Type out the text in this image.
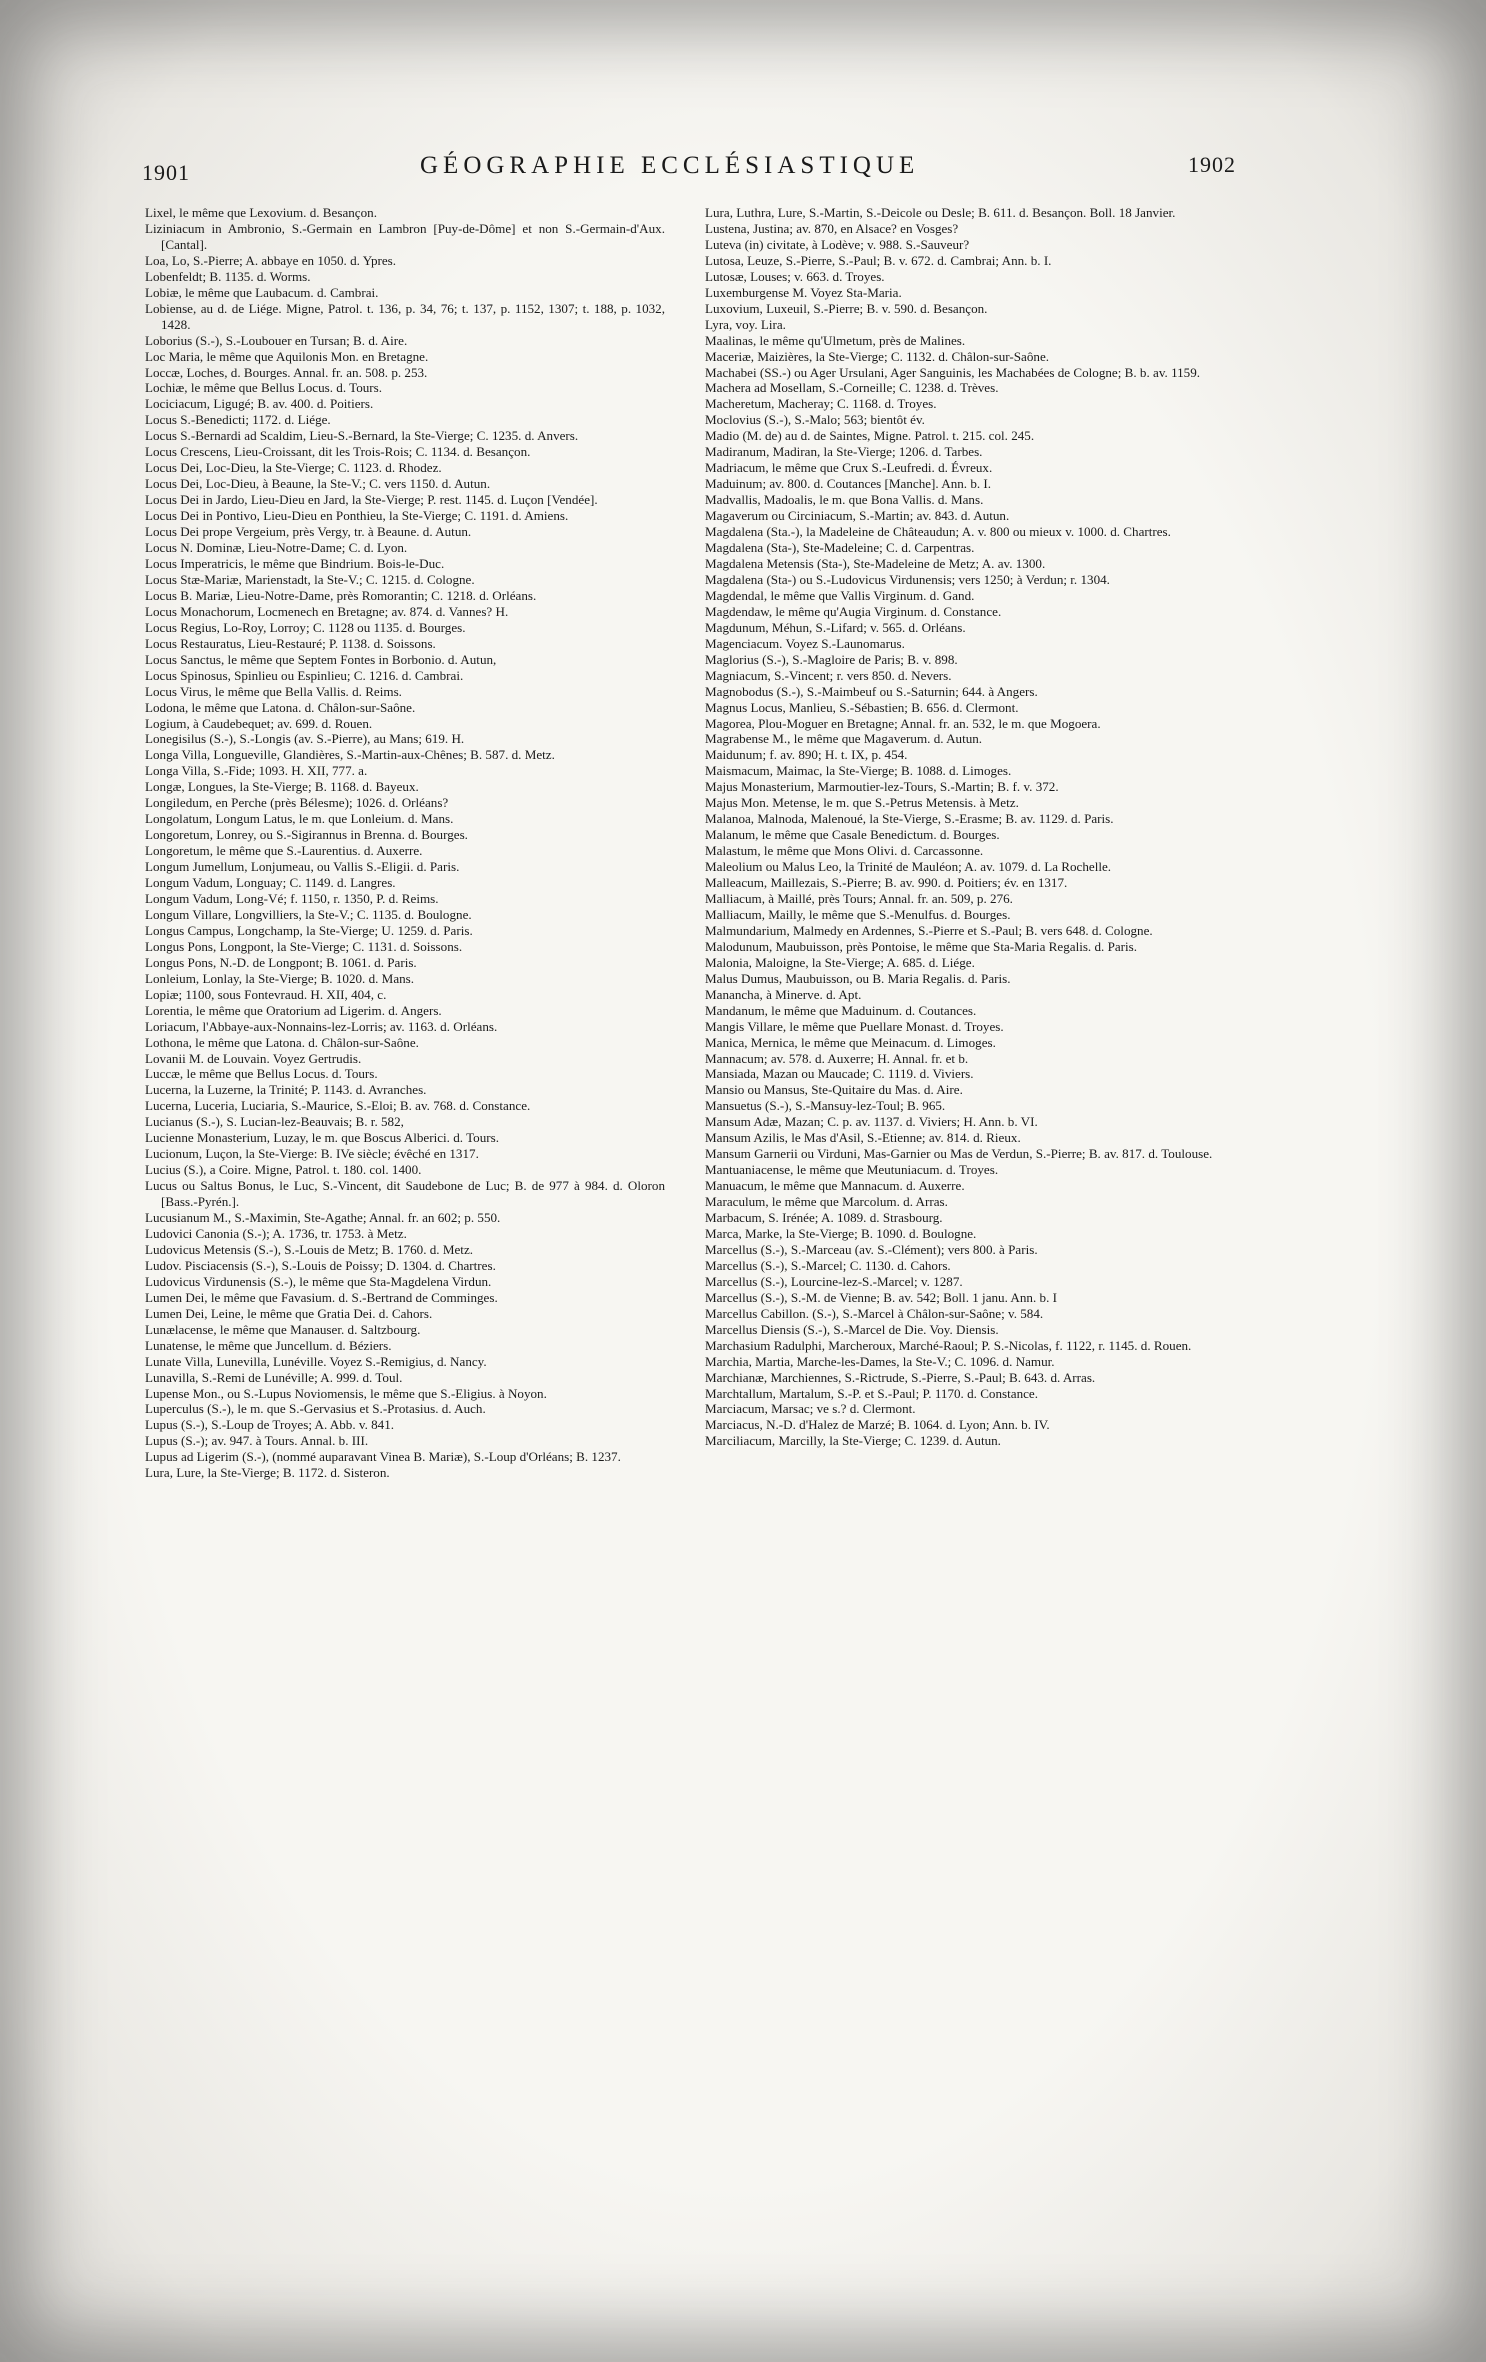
1901	GÉOGRAPHIE ECCLÉSIASTIQUE	1902

Lixel, le même que Lexovium. d. Besançon.

Liziniacum in Ambronio, S.-Germain en Lambron [Puy-de-Dôme] et non S.-Germain-d'Aux. [Cantal].

Loa, Lo, S.-Pierre; A. abbaye en 1050. d. Ypres.

Lobenfeldt; B. 1135. d. Worms.

Lobiæ, le même que Laubacum. d. Cambrai.

Lobiense, au d. de Liége. Migne, Patrol. t. 136, p. 34, 76; t. 137, p. 1152, 1307; t. 188, p. 1032, 1428.

Loborius (S.-), S.-Loubouer en Tursan; B. d. Aire.

Loc Maria, le même que Aquilonis Mon. en Bretagne.

Loccæ, Loches, d. Bourges. Annal. fr. an. 508. p. 253.

Lochiæ, le même que Bellus Locus. d. Tours.

Lociciacum, Ligugé; B. av. 400. d. Poitiers.

Locus S.-Benedicti; 1172. d. Liége.

Locus S.-Bernardi ad Scaldim, Lieu-S.-Bernard, la Ste-Vierge; C. 1235. d. Anvers.

Locus Crescens, Lieu-Croissant, dit les Trois-Rois; C. 1134. d. Besançon.

Locus Dei, Loc-Dieu, la Ste-Vierge; C. 1123. d. Rhodez.

Locus Dei, Loc-Dieu, à Beaune, la Ste-V.; C. vers 1150. d. Autun.

Locus Dei in Jardo, Lieu-Dieu en Jard, la Ste-Vierge; P. rest. 1145. d. Luçon [Vendée].

Locus Dei in Pontivo, Lieu-Dieu en Ponthieu, la Ste-Vierge; C. 1191. d. Amiens.

Locus Dei prope Vergeium, près Vergy, tr. à Beaune. d. Autun.

Locus N. Dominæ, Lieu-Notre-Dame; C. d. Lyon.

Locus Imperatricis, le même que Bindrium. Bois-le-Duc.

Locus Stæ-Mariæ, Marienstadt, la Ste-V.; C. 1215. d. Cologne.

Locus B. Mariæ, Lieu-Notre-Dame, près Romorantin; C. 1218. d. Orléans.

Locus Monachorum, Locmenech en Bretagne; av. 874. d. Vannes? H.

Locus Regius, Lo-Roy, Lorroy; C. 1128 ou 1135. d. Bourges.

Locus Restauratus, Lieu-Restauré; P. 1138. d. Soissons.

Locus Sanctus, le même que Septem Fontes in Borbonio. d. Autun,

Locus Spinosus, Spinlieu ou Espinlieu; C. 1216. d. Cambrai.

Locus Virus, le même que Bella Vallis. d. Reims.

Lodona, le même que Latona. d. Châlon-sur-Saône.

Logium, à Caudebequet; av. 699. d. Rouen.

Lonegisilus (S.-), S.-Longis (av. S.-Pierre), au Mans; 619. H.

Longa Villa, Longueville, Glandières, S.-Martin-aux-Chênes; B. 587. d. Metz.

Longa Villa, S.-Fide; 1093. H. XII, 777. a.

Longæ, Longues, la Ste-Vierge; B. 1168. d. Bayeux.

Longiledum, en Perche (près Bélesme); 1026. d. Orléans?

Longolatum, Longum Latus, le m. que Lonleium. d. Mans.

Longoretum, Lonrey, ou S.-Sigirannus in Brenna. d. Bourges.

Longoretum, le même que S.-Laurentius. d. Auxerre.

Longum Jumellum, Lonjumeau, ou Vallis S.-Eligii. d. Paris.

Longum Vadum, Longuay; C. 1149. d. Langres.

Longum Vadum, Long-Vé; f. 1150, r. 1350, P. d. Reims.

Longum Villare, Longvilliers, la Ste-V.; C. 1135. d. Boulogne.

Longus Campus, Longchamp, la Ste-Vierge; U. 1259. d. Paris.

Longus Pons, Longpont, la Ste-Vierge; C. 1131. d. Soissons.

Longus Pons, N.-D. de Longpont; B. 1061. d. Paris.

Lonleium, Lonlay, la Ste-Vierge; B. 1020. d. Mans.

Lopiæ; 1100, sous Fontevraud. H. XII, 404, c.

Lorentia, le même que Oratorium ad Ligerim. d. Angers.

Loriacum, l'Abbaye-aux-Nonnains-lez-Lorris; av. 1163. d. Orléans.

Lothona, le même que Latona. d. Châlon-sur-Saône.

Lovanii M. de Louvain. Voyez Gertrudis.

Luccæ, le même que Bellus Locus. d. Tours.

Lucerna, la Luzerne, la Trinité; P. 1143. d. Avranches.

Lucerna, Luceria, Luciaria, S.-Maurice, S.-Eloi; B. av. 768. d. Constance.

Lucianus (S.-), S. Lucian-lez-Beauvais; B. r. 582,

Lucienne Monasterium, Luzay, le m. que Boscus Alberici. d. Tours.

Lucionum, Luçon, la Ste-Vierge: B. IVe siècle; évêché en 1317.

Lucius (S.), a Coire. Migne, Patrol. t. 180. col. 1400.

Lucus ou Saltus Bonus, le Luc, S.-Vincent, dit Saudebone de Luc; B. de 977 à 984. d. Oloron [Bass.-Pyrén.].

Lucusianum M., S.-Maximin, Ste-Agathe; Annal. fr. an 602; p. 550.

Ludovici Canonia (S.-); A. 1736, tr. 1753. à Metz.

Ludovicus Metensis (S.-), S.-Louis de Metz; B. 1760. d. Metz.

Ludov. Pisciacensis (S.-), S.-Louis de Poissy; D. 1304. d. Chartres.

Ludovicus Virdunensis (S.-), le même que Sta-Magdelena Virdun.

Lumen Dei, le même que Favasium. d. S.-Bertrand de Comminges.

Lumen Dei, Leine, le même que Gratia Dei. d. Cahors.

Lunælacense, le même que Manauser. d. Saltzbourg.

Lunatense, le même que Juncellum. d. Béziers.

Lunate Villa, Lunevilla, Lunéville. Voyez S.-Remigius, d. Nancy.

Lunavilla, S.-Remi de Lunéville; A. 999. d. Toul.

Lupense Mon., ou S.-Lupus Noviomensis, le même que S.-Eligius. à Noyon.

Luperculus (S.-), le m. que S.-Gervasius et S.-Protasius. d. Auch.

Lupus (S.-), S.-Loup de Troyes; A. Abb. v. 841.

Lupus (S.-); av. 947. à Tours. Annal. b. III.

Lupus ad Ligerim (S.-), (nommé auparavant Vinea B. Mariæ), S.-Loup d'Orléans; B. 1237.

Lura, Lure, la Ste-Vierge; B. 1172. d. Sisteron.

Lura, Luthra, Lure, S.-Martin, S.-Deicole ou Desle; B. 611. d. Besançon. Boll. 18 Janvier.

Lustena, Justina; av. 870, en Alsace? en Vosges?

Luteva (in) civitate, à Lodève; v. 988. S.-Sauveur?

Lutosa, Leuze, S.-Pierre, S.-Paul; B. v. 672. d. Cambrai; Ann. b. I.

Lutosæ, Louses; v. 663. d. Troyes.

Luxemburgense M. Voyez Sta-Maria.

Luxovium, Luxeuil, S.-Pierre; B. v. 590. d. Besançon.

Lyra, voy. Lira.

Maalinas, le même qu'Ulmetum, près de Malines.

Maceriæ, Maizières, la Ste-Vierge; C. 1132. d. Châlon-sur-Saône.

Machabei (SS.-) ou Ager Ursulani, Ager Sanguinis, les Machabées de Cologne; B. b. av. 1159.

Machera ad Mosellam, S.-Corneille; C. 1238. d. Trèves.

Macheretum, Macheray; C. 1168. d. Troyes.

Moclovius (S.-), S.-Malo; 563; bientôt év.

Madio (M. de) au d. de Saintes, Migne. Patrol. t. 215. col. 245.

Madiranum, Madiran, la Ste-Vierge; 1206. d. Tarbes.

Madriacum, le même que Crux S.-Leufredi. d. Évreux.

Maduinum; av. 800. d. Coutances [Manche]. Ann. b. I.

Madvallis, Madoalis, le m. que Bona Vallis. d. Mans.

Magaverum ou Circiniacum, S.-Martin; av. 843. d. Autun.

Magdalena (Sta.-), la Madeleine de Châteaudun; A. v. 800 ou mieux v. 1000. d. Chartres.

Magdalena (Sta-), Ste-Madeleine; C. d. Carpentras.

Magdalena Metensis (Sta-), Ste-Madeleine de Metz; A. av. 1300.

Magdalena (Sta-) ou S.-Ludovicus Virdunensis; vers 1250; à Verdun; r. 1304.

Magdendal, le même que Vallis Virginum. d. Gand.

Magdendaw, le même qu'Augia Virginum. d. Constance.

Magdunum, Méhun, S.-Lifard; v. 565. d. Orléans.

Magenciacum. Voyez S.-Launomarus.

Maglorius (S.-), S.-Magloire de Paris; B. v. 898.

Magniacum, S.-Vincent; r. vers 850. d. Nevers.

Magnobodus (S.-), S.-Maimbeuf ou S.-Saturnin; 644. à Angers.

Magnus Locus, Manlieu, S.-Sébastien; B. 656. d. Clermont.

Magorea, Plou-Moguer en Bretagne; Annal. fr. an. 532, le m. que Mogoera.

Magrabense M., le même que Magaverum. d. Autun.

Maidunum; f. av. 890; H. t. IX, p. 454.

Maismacum, Maimac, la Ste-Vierge; B. 1088. d. Limoges.

Majus Monasterium, Marmoutier-lez-Tours, S.-Martin; B. f. v. 372.

Majus Mon. Metense, le m. que S.-Petrus Metensis. à Metz.

Malanoa, Malnoda, Malenoué, la Ste-Vierge, S.-Erasme; B. av. 1129. d. Paris.

Malanum, le même que Casale Benedictum. d. Bourges.

Malastum, le même que Mons Olivi. d. Carcassonne.

Maleolium ou Malus Leo, la Trinité de Mauléon; A. av. 1079. d. La Rochelle.

Malleacum, Maillezais, S.-Pierre; B. av. 990. d. Poitiers; év. en 1317.

Malliacum, à Maillé, près Tours; Annal. fr. an. 509, p. 276.

Malliacum, Mailly, le même que S.-Menulfus. d. Bourges.

Malmundarium, Malmedy en Ardennes, S.-Pierre et S.-Paul; B. vers 648. d. Cologne.

Malodunum, Maubuisson, près Pontoise, le même que Sta-Maria Regalis. d. Paris.

Malonia, Maloigne, la Ste-Vierge; A. 685. d. Liége.

Malus Dumus, Maubuisson, ou B. Maria Regalis. d. Paris.

Manancha, à Minerve. d. Apt.

Mandanum, le même que Maduinum. d. Coutances.

Mangis Villare, le même que Puellare Monast. d. Troyes.

Manica, Mernica, le même que Meinacum. d. Limoges.

Mannacum; av. 578. d. Auxerre; H. Annal. fr. et b.

Mansiada, Mazan ou Maucade; C. 1119. d. Viviers.

Mansio ou Mansus, Ste-Quitaire du Mas. d. Aire.

Mansuetus (S.-), S.-Mansuy-lez-Toul; B. 965.

Mansum Adæ, Mazan; C. p. av. 1137. d. Viviers; H. Ann. b. VI.

Mansum Azilis, le Mas d'Asil, S.-Etienne; av. 814. d. Rieux.

Mansum Garnerii ou Virduni, Mas-Garnier ou Mas de Verdun, S.-Pierre; B. av. 817. d. Toulouse.

Mantuaniacense, le même que Meutuniacum. d. Troyes.

Manuacum, le même que Mannacum. d. Auxerre.

Maraculum, le même que Marcolum. d. Arras.

Marbacum, S. Irénée; A. 1089. d. Strasbourg.

Marca, Marke, la Ste-Vierge; B. 1090. d. Boulogne.

Marcellus (S.-), S.-Marceau (av. S.-Clément); vers 800. à Paris.

Marcellus (S.-), S.-Marcel; C. 1130. d. Cahors.

Marcellus (S.-), Lourcine-lez-S.-Marcel; v. 1287.

Marcellus (S.-), S.-M. de Vienne; B. av. 542; Boll. 1 janu. Ann. b. I

Marcellus Cabillon. (S.-), S.-Marcel à Châlon-sur-Saône; v. 584.

Marcellus Diensis (S.-), S.-Marcel de Die. Voy. Diensis.

Marchasium Radulphi, Marcheroux, Marché-Raoul; P. S.-Nicolas, f. 1122, r. 1145. d. Rouen.

Marchia, Martia, Marche-les-Dames, la Ste-V.; C. 1096. d. Namur.

Marchianæ, Marchiennes, S.-Rictrude, S.-Pierre, S.-Paul; B. 643. d. Arras.

Marchtallum, Martalum, S.-P. et S.-Paul; P. 1170. d. Constance.

Marciacum, Marsac; ve s.? d. Clermont.

Marciacus, N.-D. d'Halez de Marzé; B. 1064. d. Lyon; Ann. b. IV.

Marciliacum, Marcilly, la Ste-Vierge; C. 1239. d. Autun.
